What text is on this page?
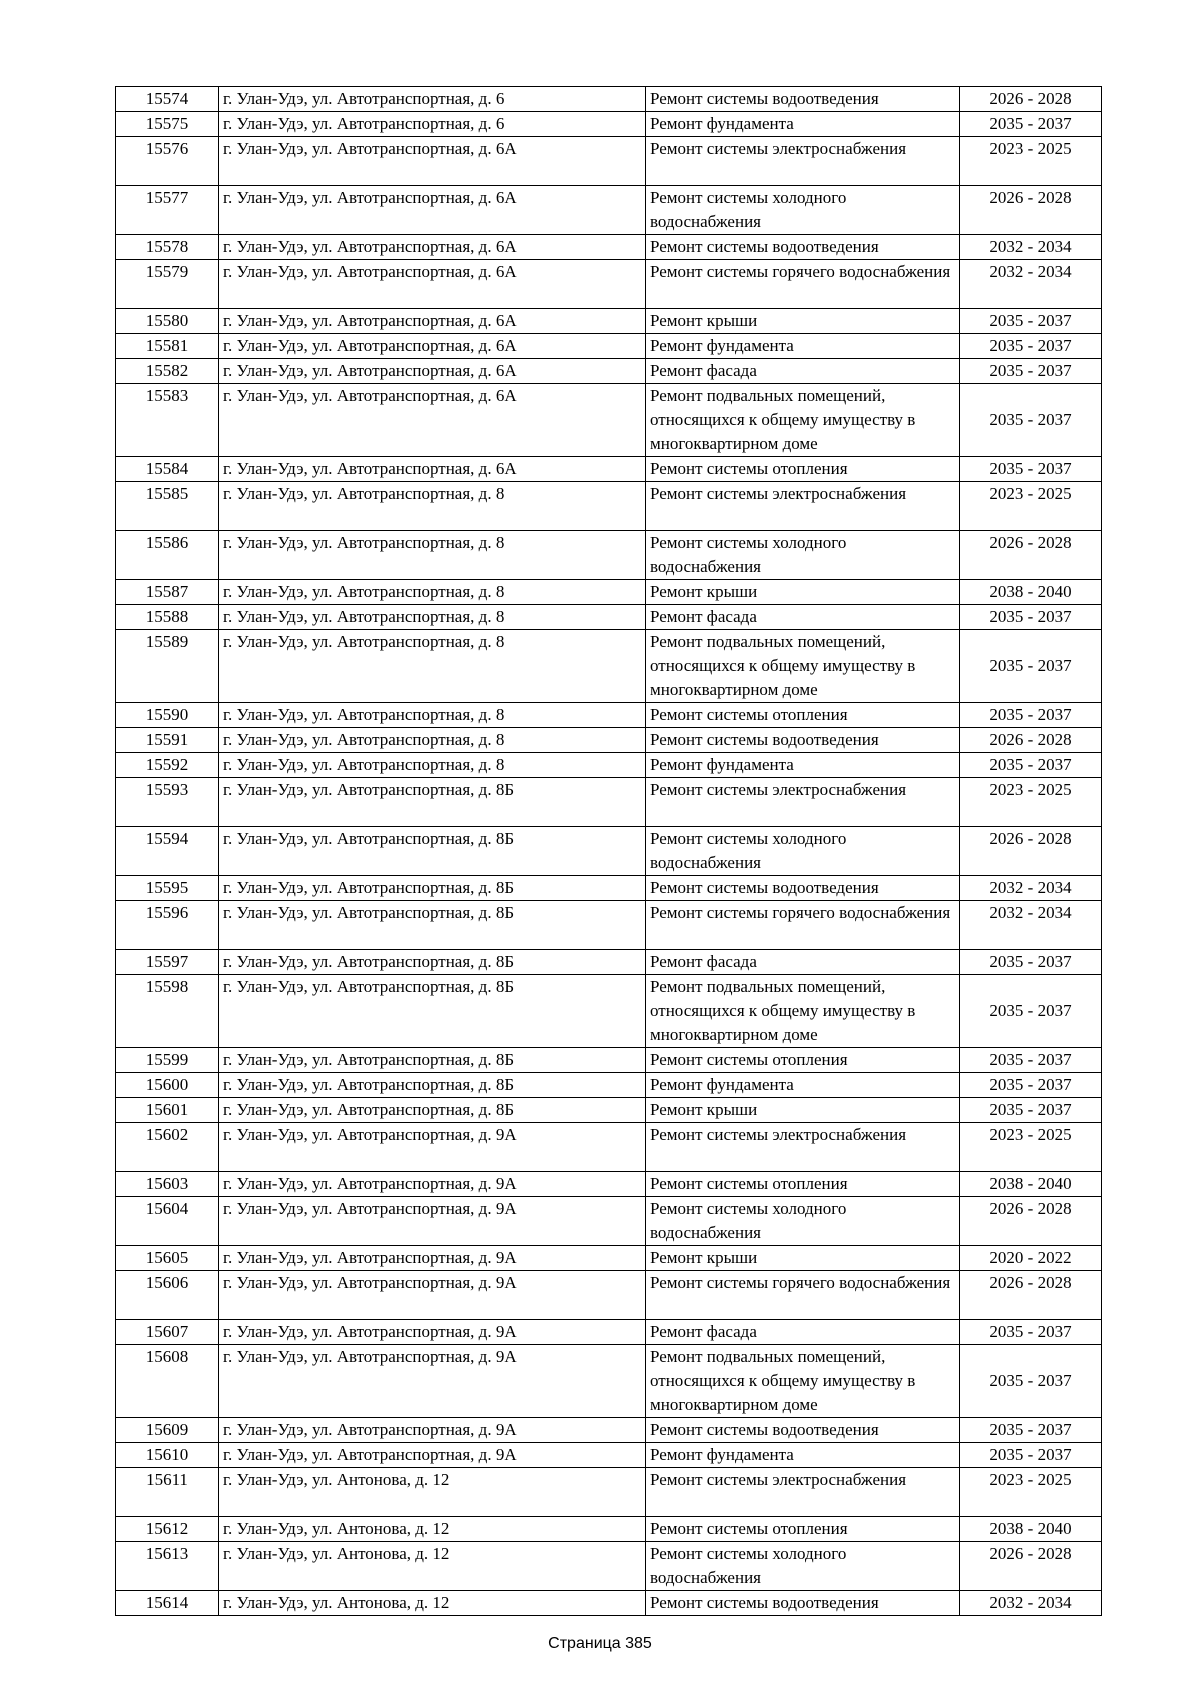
15574	г. Улан-Удэ, ул. Автотранспортная, д. 6	Ремонт системы водоотведения	2026 - 2028
15575	г. Улан-Удэ, ул. Автотранспортная, д. 6	Ремонт фундамента	2035 - 2037
15576	г. Улан-Удэ, ул. Автотранспортная, д. 6А	Ремонт системы электроснабжения	2023 - 2025
15577	г. Улан-Удэ, ул. Автотранспортная, д. 6А	Ремонт системы холодного водоснабжения	2026 - 2028
15578	г. Улан-Удэ, ул. Автотранспортная, д. 6А	Ремонт системы водоотведения	2032 - 2034
15579	г. Улан-Удэ, ул. Автотранспортная, д. 6А	Ремонт системы горячего водоснабжения	2032 - 2034
15580	г. Улан-Удэ, ул. Автотранспортная, д. 6А	Ремонт крыши	2035 - 2037
15581	г. Улан-Удэ, ул. Автотранспортная, д. 6А	Ремонт фундамента	2035 - 2037
15582	г. Улан-Удэ, ул. Автотранспортная, д. 6А	Ремонт фасада	2035 - 2037
15583	г. Улан-Удэ, ул. Автотранспортная, д. 6А	Ремонт подвальных помещений, относящихся к общему имуществу в многоквартирном доме	2035 - 2037
15584	г. Улан-Удэ, ул. Автотранспортная, д. 6А	Ремонт системы отопления	2035 - 2037
15585	г. Улан-Удэ, ул. Автотранспортная, д. 8	Ремонт системы электроснабжения	2023 - 2025
15586	г. Улан-Удэ, ул. Автотранспортная, д. 8	Ремонт системы холодного водоснабжения	2026 - 2028
15587	г. Улан-Удэ, ул. Автотранспортная, д. 8	Ремонт крыши	2038 - 2040
15588	г. Улан-Удэ, ул. Автотранспортная, д. 8	Ремонт фасада	2035 - 2037
15589	г. Улан-Удэ, ул. Автотранспортная, д. 8	Ремонт подвальных помещений, относящихся к общему имуществу в многоквартирном доме	2035 - 2037
15590	г. Улан-Удэ, ул. Автотранспортная, д. 8	Ремонт системы отопления	2035 - 2037
15591	г. Улан-Удэ, ул. Автотранспортная, д. 8	Ремонт системы водоотведения	2026 - 2028
15592	г. Улан-Удэ, ул. Автотранспортная, д. 8	Ремонт фундамента	2035 - 2037
15593	г. Улан-Удэ, ул. Автотранспортная, д. 8Б	Ремонт системы электроснабжения	2023 - 2025
15594	г. Улан-Удэ, ул. Автотранспортная, д. 8Б	Ремонт системы холодного водоснабжения	2026 - 2028
15595	г. Улан-Удэ, ул. Автотранспортная, д. 8Б	Ремонт системы водоотведения	2032 - 2034
15596	г. Улан-Удэ, ул. Автотранспортная, д. 8Б	Ремонт системы горячего водоснабжения	2032 - 2034
15597	г. Улан-Удэ, ул. Автотранспортная, д. 8Б	Ремонт фасада	2035 - 2037
15598	г. Улан-Удэ, ул. Автотранспортная, д. 8Б	Ремонт подвальных помещений, относящихся к общему имуществу в многоквартирном доме	2035 - 2037
15599	г. Улан-Удэ, ул. Автотранспортная, д. 8Б	Ремонт системы отопления	2035 - 2037
15600	г. Улан-Удэ, ул. Автотранспортная, д. 8Б	Ремонт фундамента	2035 - 2037
15601	г. Улан-Удэ, ул. Автотранспортная, д. 8Б	Ремонт крыши	2035 - 2037
15602	г. Улан-Удэ, ул. Автотранспортная, д. 9А	Ремонт системы электроснабжения	2023 - 2025
15603	г. Улан-Удэ, ул. Автотранспортная, д. 9А	Ремонт системы отопления	2038 - 2040
15604	г. Улан-Удэ, ул. Автотранспортная, д. 9А	Ремонт системы холодного водоснабжения	2026 - 2028
15605	г. Улан-Удэ, ул. Автотранспортная, д. 9А	Ремонт крыши	2020 - 2022
15606	г. Улан-Удэ, ул. Автотранспортная, д. 9А	Ремонт системы горячего водоснабжения	2026 - 2028
15607	г. Улан-Удэ, ул. Автотранспортная, д. 9А	Ремонт фасада	2035 - 2037
15608	г. Улан-Удэ, ул. Автотранспортная, д. 9А	Ремонт подвальных помещений, относящихся к общему имуществу в многоквартирном доме	2035 - 2037
15609	г. Улан-Удэ, ул. Автотранспортная, д. 9А	Ремонт системы водоотведения	2035 - 2037
15610	г. Улан-Удэ, ул. Автотранспортная, д. 9А	Ремонт фундамента	2035 - 2037
15611	г. Улан-Удэ, ул. Антонова, д. 12	Ремонт системы электроснабжения	2023 - 2025
15612	г. Улан-Удэ, ул. Антонова, д. 12	Ремонт системы отопления	2038 - 2040
15613	г. Улан-Удэ, ул. Антонова, д. 12	Ремонт системы холодного водоснабжения	2026 - 2028
15614	г. Улан-Удэ, ул. Антонова, д. 12	Ремонт системы водоотведения	2032 - 2034
Страница 385
